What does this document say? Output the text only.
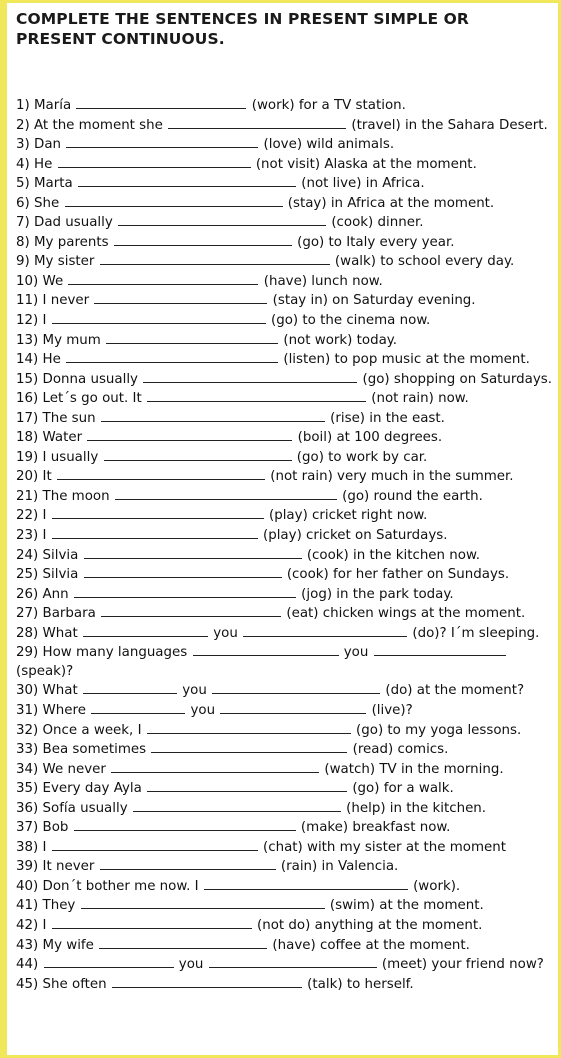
COMPLETE THE SENTENCES IN PRESENT SIMPLE OR
PRESENT CONTINUOUS.
1) María	(work) for a TV station.
2) At the moment she	(travel) in the Sahara Desert.
3) Dan	(love) wild animals.
4) He	(not visit) Alaska at the moment.
5) Marta	(not live) in Africa.
6) She	(stay) in Africa at the moment.
7) Dad usually	(cook) dinner.
8) My parents	(go) to Italy every year.
9) My sister	(walk) to school every day.
10) We	(have) lunch now.
11) I never	(stay in) on Saturday evening.
12) I	(go) to the cinema now.
13) My mum	(not work) today.
14) He	(listen) to pop music at the moment.
15) Donna usually	(go) shopping on Saturdays.
16) Let´s go out. It	(not rain) now.
17) The sun	(rise) in the east.
18) Water	(boil) at 100 degrees.
19) I usually	(go) to work by car.
20) It	(not rain) very much in the summer.
21) The moon	(go) round the earth.
22) I	(play) cricket right now.
23) I	(play) cricket on Saturdays.
24) Silvia	(cook) in the kitchen now.
25) Silvia	(cook) for her father on Sundays.
26) Ann	(jog) in the park today.
27) Barbara	(eat) chicken wings at the moment.
28) What	you	(do)? I´m sleeping.
29) How many languages	you  (speak)?
30) What	you	(do) at the moment?
31) Where	you	(live)?
32) Once a week, I	(go) to my yoga lessons.
33) Bea sometimes	(read) comics.
34) We never	(watch) TV in the morning.
35) Every day Ayla	(go) for a walk.
36) Sofía usually	(help) in the kitchen.
37) Bob	(make) breakfast now.
38) I	(chat) with my sister at the moment
39) It never	(rain) in Valencia.
40) Don´t bother me now. I	(work).
41) They	(swim) at the moment.
42) I	(not do) anything at the moment.
43) My wife	(have) coffee at the moment.
44)	you	(meet) your friend now?
45) She often	(talk) to herself.
